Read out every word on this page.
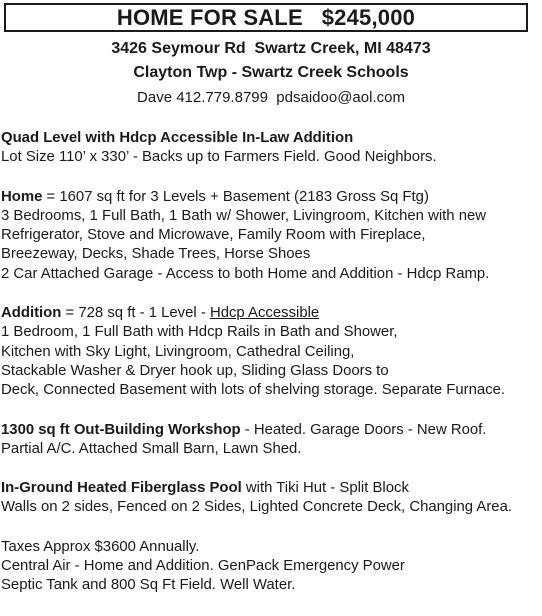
HOME FOR SALE   $245,000
3426 Seymour Rd  Swartz Creek, MI 48473
Clayton Twp - Swartz Creek Schools
Dave 412.779.8799  pdsaidoo@aol.com
Quad Level with Hdcp Accessible In-Law Addition
Lot Size 110’ x 330’ - Backs up to Farmers Field. Good Neighbors.
Home = 1607 sq ft for 3 Levels + Basement (2183 Gross Sq Ftg)
3 Bedrooms, 1 Full Bath, 1 Bath w/ Shower, Livingroom, Kitchen with new
Refrigerator, Stove and Microwave, Family Room with Fireplace,
Breezeway, Decks, Shade Trees, Horse Shoes
2 Car Attached Garage - Access to both Home and Addition - Hdcp Ramp.
Addition = 728 sq ft - 1 Level - Hdcp Accessible
1 Bedroom, 1 Full Bath with Hdcp Rails in Bath and Shower,
Kitchen with Sky Light, Livingroom, Cathedral Ceiling,
Stackable Washer & Dryer hook up, Sliding Glass Doors to
Deck, Connected Basement with lots of shelving storage. Separate Furnace.
1300 sq ft Out-Building Workshop - Heated. Garage Doors - New Roof.
Partial A/C. Attached Small Barn, Lawn Shed.
In-Ground Heated Fiberglass Pool with Tiki Hut - Split Block
Walls on 2 sides, Fenced on 2 Sides, Lighted Concrete Deck, Changing Area.
Taxes Approx $3600 Annually.
Central Air - Home and Addition. GenPack Emergency Power
Septic Tank and 800 Sq Ft Field. Well Water.
